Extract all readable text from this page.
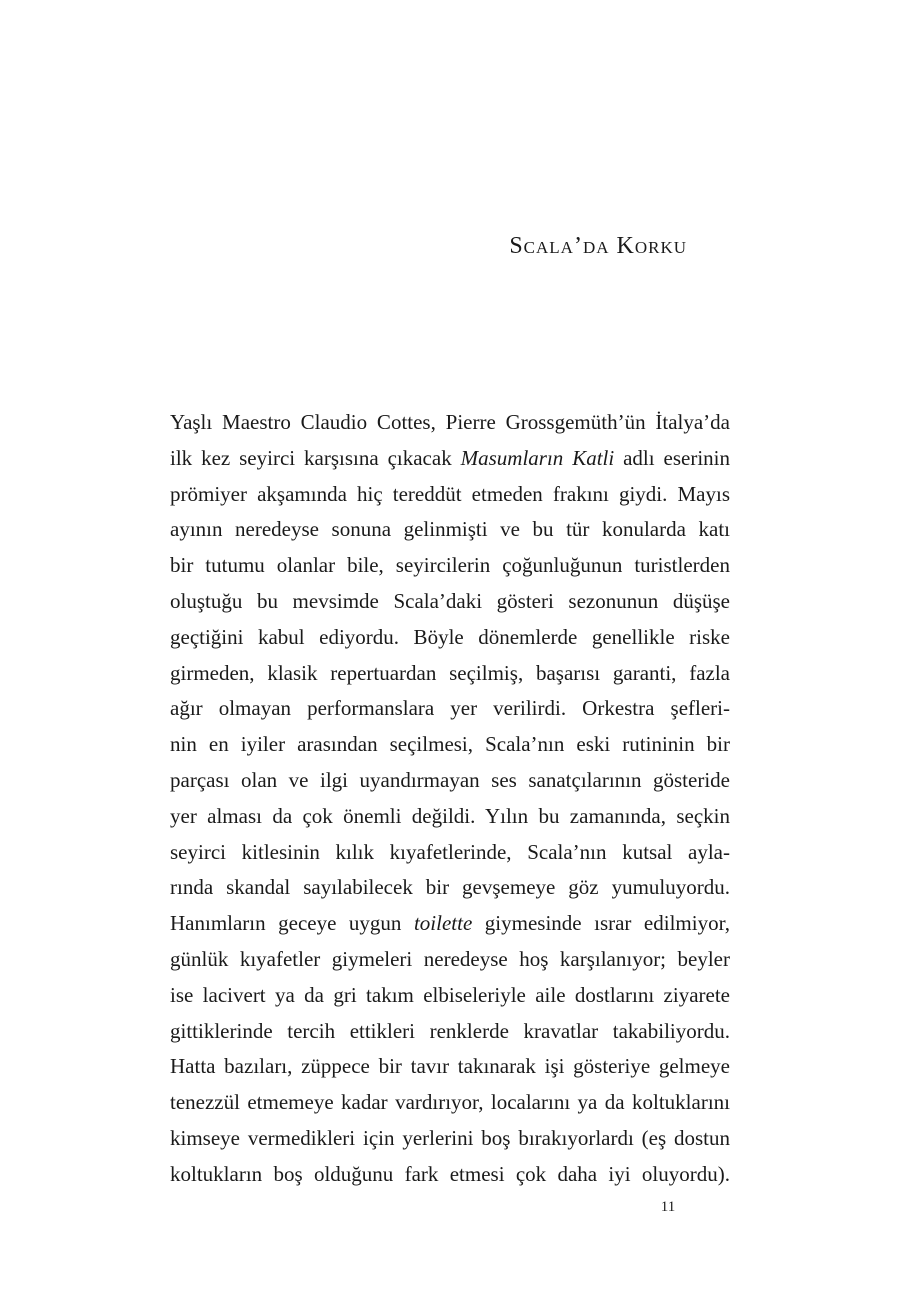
Scala’da Korku
Yaşlı Maestro Claudio Cottes, Pierre Grossgemüth’ün İtalya’da
ilk kez seyirci karşısına çıkacak Masumların Katli adlı eserinin
prömiyer akşamında hiç tereddüt etmeden frakını giydi. Mayıs
ayının neredeyse sonuna gelinmişti ve bu tür konularda katı
bir tutumu olanlar bile, seyircilerin çoğunluğunun turistlerden
oluştuğu bu mevsimde Scala’daki gösteri sezonunun düşüşe
geçtiğini kabul ediyordu. Böyle dönemlerde genellikle riske
girmeden, klasik repertuardan seçilmiş, başarısı garanti, fazla
ağır olmayan performanslara yer verilirdi. Orkestra şefleri-
nin en iyiler arasından seçilmesi, Scala’nın eski rutininin bir
parçası olan ve ilgi uyandırmayan ses sanatçılarının gösteride
yer alması da çok önemli değildi. Yılın bu zamanında, seçkin
seyirci kitlesinin kılık kıyafetlerinde, Scala’nın kutsal ayla-
rında skandal sayılabilecek bir gevşemeye göz yumuluyordu.
Hanımların geceye uygun toilette giymesinde ısrar edilmiyor,
günlük kıyafetler giymeleri neredeyse hoş karşılanıyor; beyler
ise lacivert ya da gri takım elbiseleriyle aile dostlarını ziyarete
gittiklerinde tercih ettikleri renklerde kravatlar takabiliyordu.
Hatta bazıları, züppece bir tavır takınarak işi gösteriye gelmeye
tenezzül etmemeye kadar vardırıyor, localarını ya da koltuklarını
kimseye vermedikleri için yerlerini boş bırakıyorlardı (eş dostun
koltukların boş olduğunu fark etmesi çok daha iyi oluyordu).
11
